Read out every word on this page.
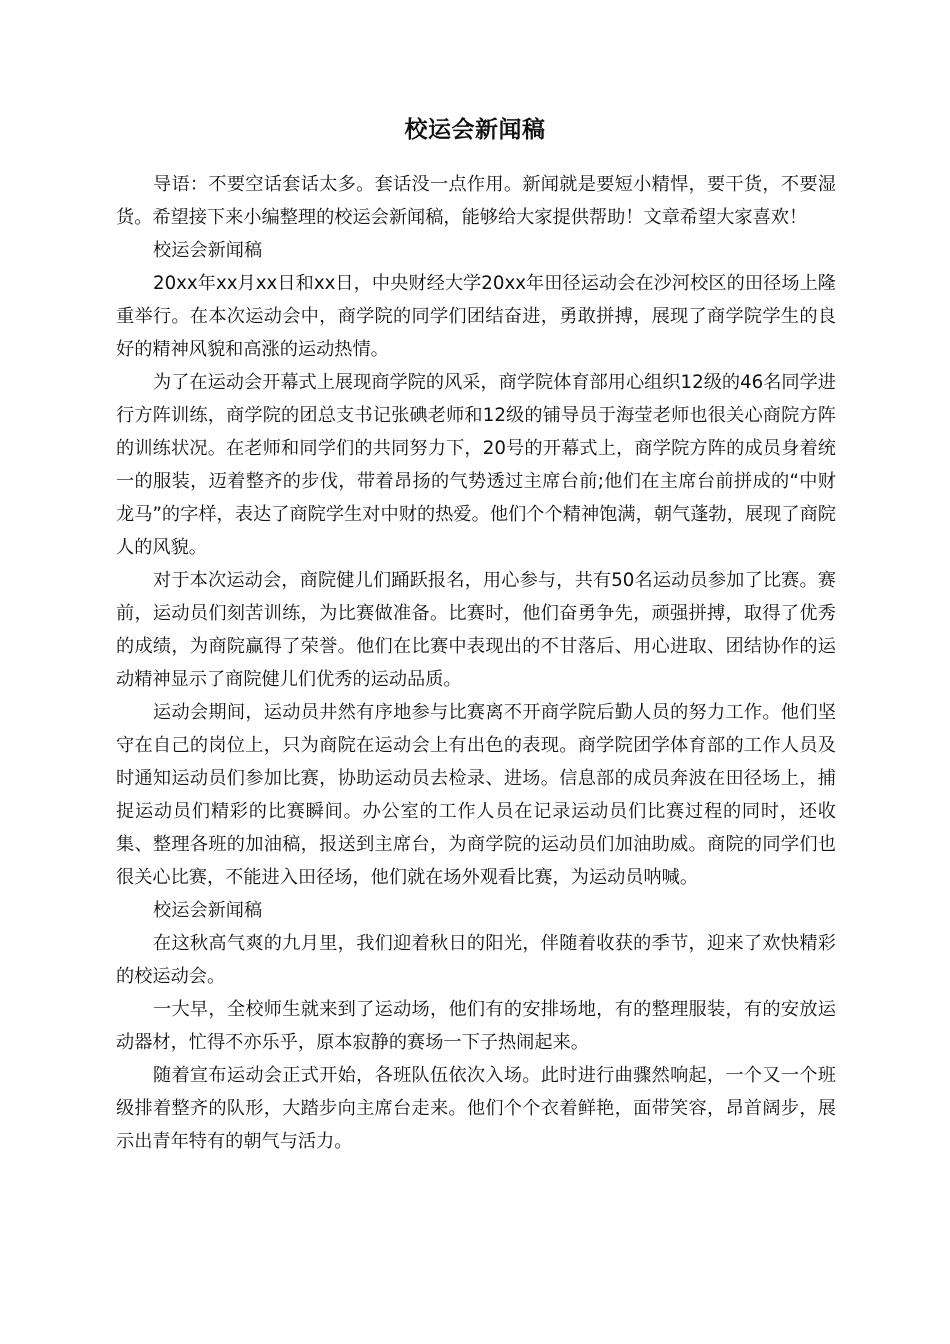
校运会新闻稿

导语：不要空话套话太多。套话没一点作用。新闻就是要短小精悍，要干货，不要湿货。希望接下来小编整理的校运会新闻稿，能够给大家提供帮助！文章希望大家喜欢！

校运会新闻稿

20xx年xx月xx日和xx日，中央财经大学20xx年田径运动会在沙河校区的田径场上隆重举行。在本次运动会中，商学院的同学们团结奋进，勇敢拼搏，展现了商学院学生的良好的精神风貌和高涨的运动热情。

为了在运动会开幕式上展现商学院的风采，商学院体育部用心组织12级的46名同学进行方阵训练，商学院的团总支书记张碘老师和12级的铺导员于海莹老师也很关心商院方阵的训练状况。在老师和同学们的共同努力下，20号的开幕式上，商学院方阵的成员身着统一的服装，迈着整齐的步伐，带着昂扬的气势透过主席台前;他们在主席台前拼成的“中财龙马”的字样，表达了商院学生对中财的热爱。他们个个精神饱满，朝气蓬勃，展现了商院人的风貌。

对于本次运动会，商院健儿们踊跃报名，用心参与，共有50名运动员参加了比赛。赛前，运动员们刻苦训练，为比赛做准备。比赛时，他们奋勇争先，顽强拼搏，取得了优秀的成绩，为商院赢得了荣誉。他们在比赛中表现出的不甘落后、用心进取、团结协作的运动精神显示了商院健儿们优秀的运动品质。

运动会期间，运动员井然有序地参与比赛离不开商学院后勤人员的努力工作。他们坚守在自己的岗位上，只为商院在运动会上有出色的表现。商学院团学体育部的工作人员及时通知运动员们参加比赛，协助运动员去检录、进场。信息部的成员奔波在田径场上，捕捉运动员们精彩的比赛瞬间。办公室的工作人员在记录运动员们比赛过程的同时，还收集、整理各班的加油稿，报送到主席台，为商学院的运动员们加油助威。商院的同学们也很关心比赛，不能进入田径场，他们就在场外观看比赛，为运动员呐喊。

校运会新闻稿

在这秋高气爽的九月里，我们迎着秋日的阳光，伴随着收获的季节，迎来了欢快精彩的校运动会。

一大早，全校师生就来到了运动场，他们有的安排场地，有的整理服装，有的安放运动器材，忙得不亦乐乎，原本寂静的赛场一下子热闹起来。

随着宣布运动会正式开始，各班队伍依次入场。此时进行曲骤然响起，一个又一个班级排着整齐的队形，大踏步向主席台走来。他们个个衣着鲜艳，面带笑容，昂首阔步，展示出青年特有的朝气与活力。
